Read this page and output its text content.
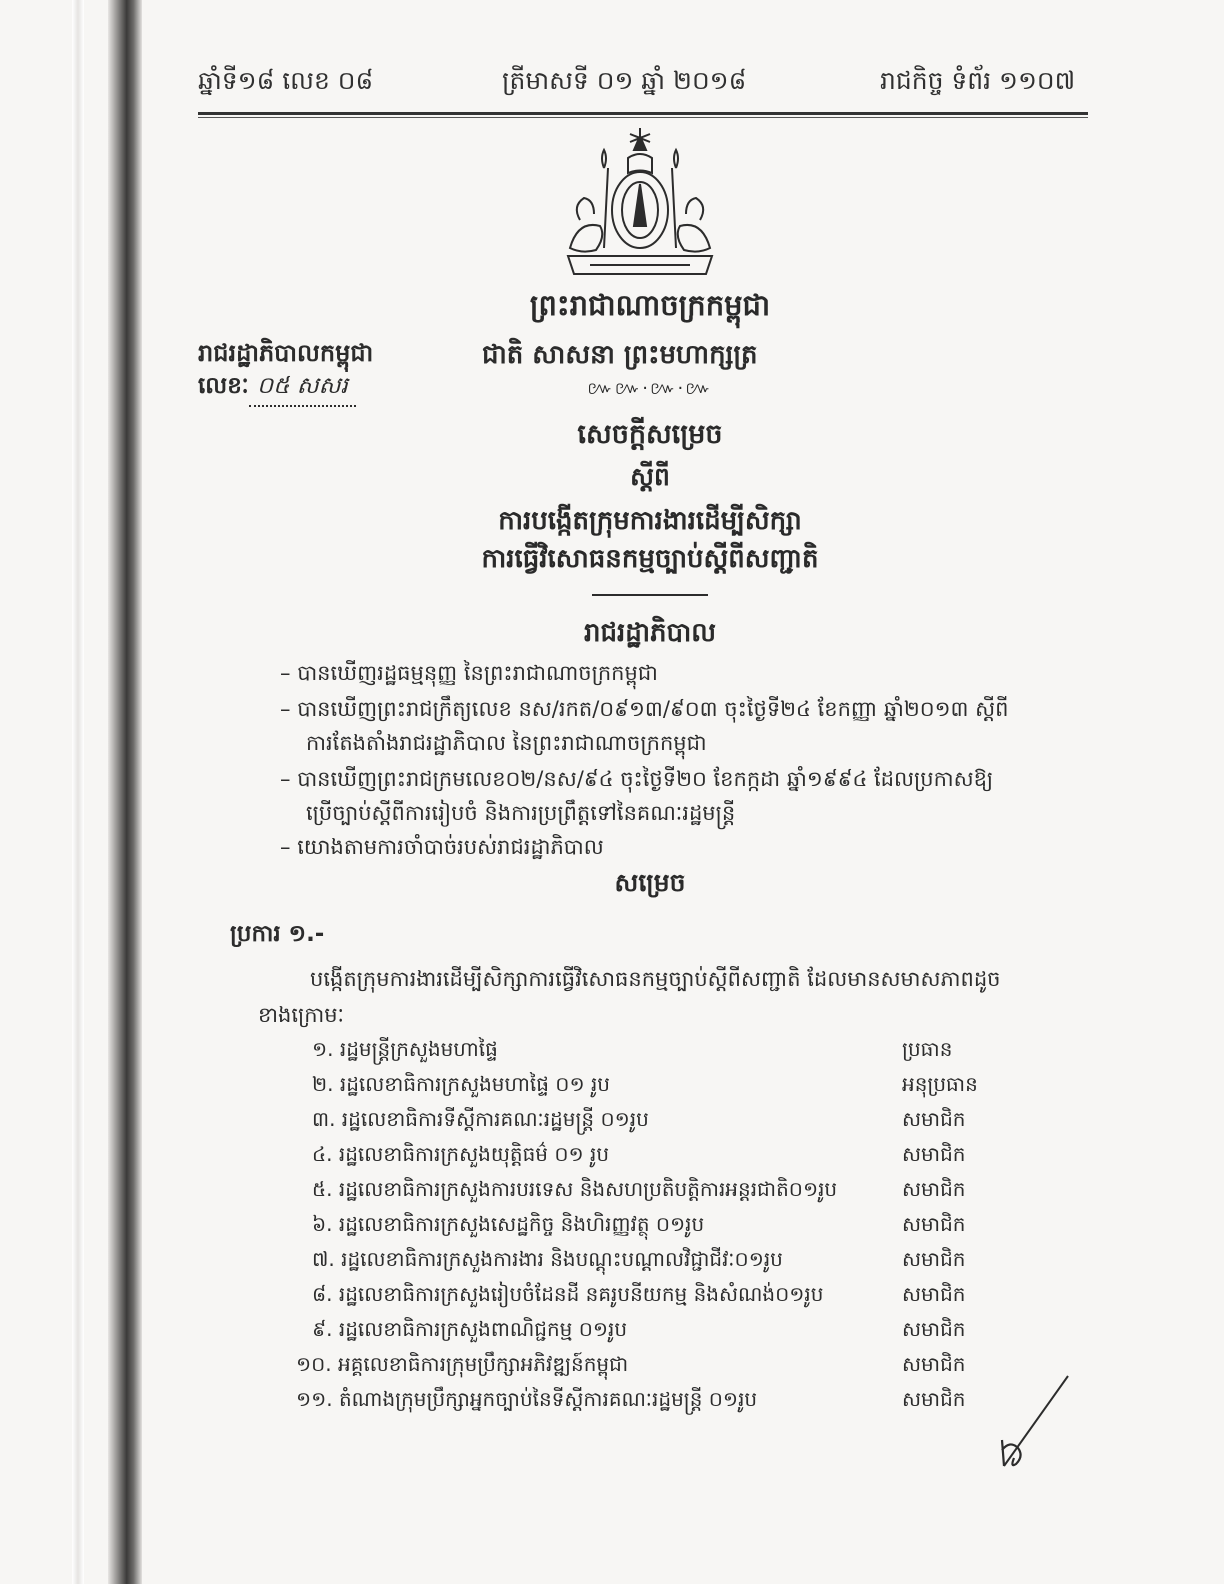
ឆ្នាំទី១៨ លេខ ០៨	ត្រីមាសទី ០១ ឆ្នាំ ២០១៨	រាជកិច្ច ទំព័រ ១១០៧
ព្រះរាជាណាចក្រកម្ពុជា
រាជរដ្ឋាភិបាលកម្ពុជា	ជាតិ សាសនា ព្រះមហាក្សត្រ
លេខៈ ០៥ សសរ	៚៚·៚·៚
សេចក្តីសម្រេច
ស្តីពី
ការបង្កើតក្រុមការងារដើម្បីសិក្សា
ការធ្វើវិសោធនកម្មច្បាប់ស្តីពីសញ្ជាតិ
រាជរដ្ឋាភិបាល
– បានឃើញរដ្ឋធម្មនុញ្ញ នៃព្រះរាជាណាចក្រកម្ពុជា
– បានឃើញព្រះរាជក្រឹត្យលេខ នស/រកត/០៩១៣/៩០៣ ចុះថ្ងៃទី២៤ ខែកញ្ញា ឆ្នាំ២០១៣ ស្តីពី
ការតែងតាំងរាជរដ្ឋាភិបាល នៃព្រះរាជាណាចក្រកម្ពុជា
– បានឃើញព្រះរាជក្រមលេខ០២/នស/៩៤ ចុះថ្ងៃទី២០ ខែកក្កដា ឆ្នាំ១៩៩៤ ដែលប្រកាសឱ្យ
ប្រើច្បាប់ស្តីពីការរៀបចំ និងការប្រព្រឹត្តទៅនៃគណៈរដ្ឋមន្ត្រី
– យោងតាមការចាំបាច់របស់រាជរដ្ឋាភិបាល
សម្រេច
ប្រការ ១.-
បង្កើតក្រុមការងារដើម្បីសិក្សាការធ្វើវិសោធនកម្មច្បាប់ស្តីពីសញ្ជាតិ ដែលមានសមាសភាពដូច
ខាងក្រោមៈ
១. រដ្ឋមន្ត្រីក្រសួងមហាផ្ទៃ	ប្រធាន
២. រដ្ឋលេខាធិការក្រសួងមហាផ្ទៃ ០១ រូប	អនុប្រធាន
៣. រដ្ឋលេខាធិការទីស្តីការគណៈរដ្ឋមន្ត្រី ០១រូប	សមាជិក
៤. រដ្ឋលេខាធិការក្រសួងយុត្តិធម៌ ០១ រូប	សមាជិក
៥. រដ្ឋលេខាធិការក្រសួងការបរទេស និងសហប្រតិបត្តិការអន្តរជាតិ០១រូប	សមាជិក
៦. រដ្ឋលេខាធិការក្រសួងសេដ្ឋកិច្ច និងហិរញ្ញវត្ថុ ០១រូប	សមាជិក
៧. រដ្ឋលេខាធិការក្រសួងការងារ និងបណ្តុះបណ្តាលវិជ្ជាជីវៈ០១រូប	សមាជិក
៨. រដ្ឋលេខាធិការក្រសួងរៀបចំដែនដី នគរូបនីយកម្ម និងសំណង់០១រូប	សមាជិក
៩. រដ្ឋលេខាធិការក្រសួងពាណិជ្ជកម្ម ០១រូប	សមាជិក
១០. អគ្គលេខាធិការក្រុមប្រឹក្សាអភិវឌ្ឍន៍កម្ពុជា	សមាជិក
១១. តំណាងក្រុមប្រឹក្សាអ្នកច្បាប់នៃទីស្តីការគណៈរដ្ឋមន្ត្រី ០១រូប	សមាជិក
